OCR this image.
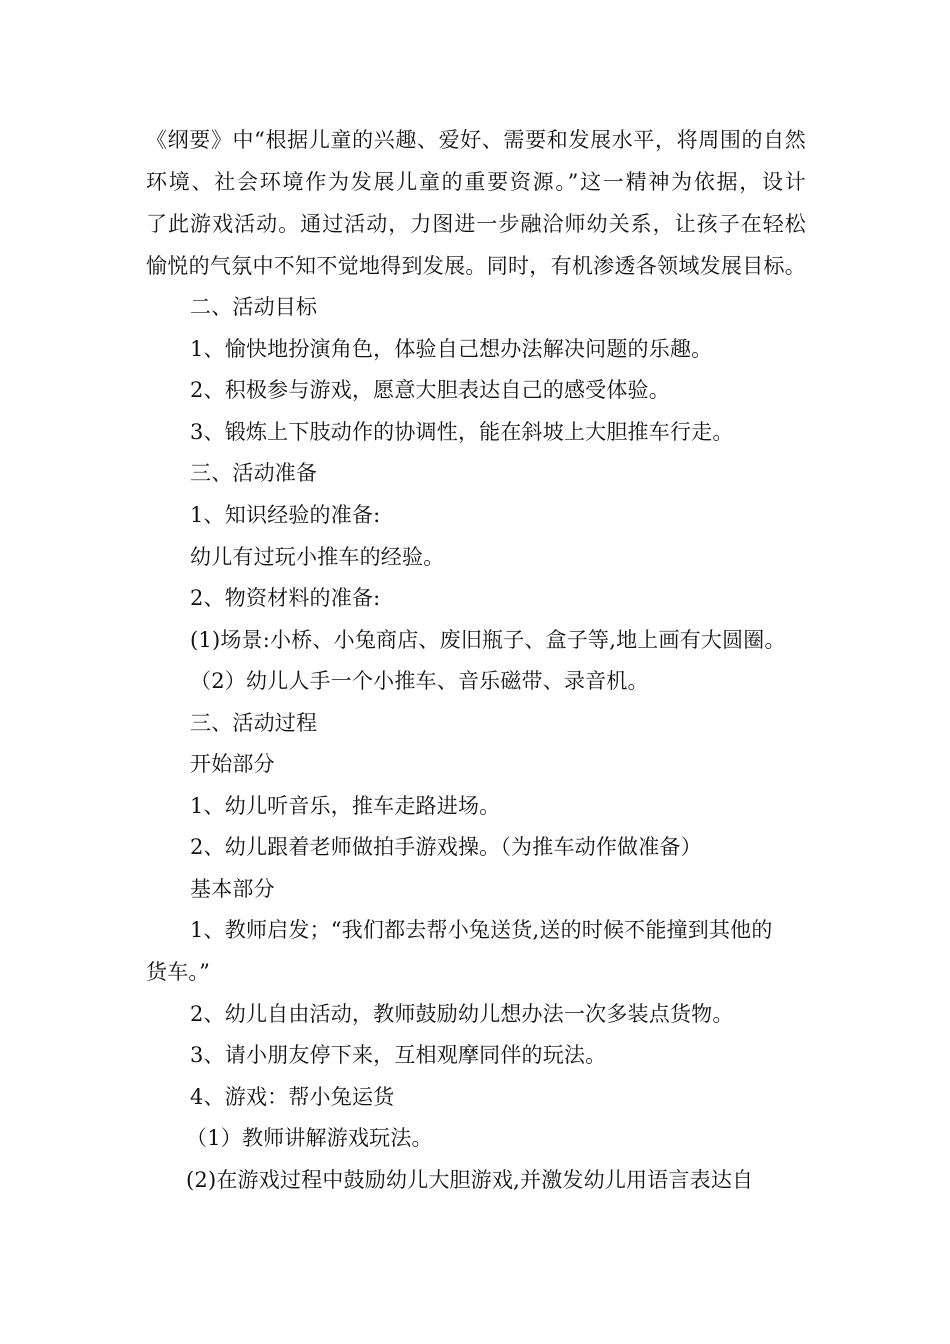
《纲要》中“根据儿童的兴趣、爱好、需要和发展水平，将周围的自然
环境、社会环境作为发展儿童的重要资源。”这一精神为依据，设计
了此游戏活动。通过活动，力图进一步融洽师幼关系，让孩子在轻松
愉悦的气氛中不知不觉地得到发展。同时，有机渗透各领域发展目标。
二、活动目标
1、愉快地扮演角色，体验自己想办法解决问题的乐趣。
2、积极参与游戏，愿意大胆表达自己的感受体验。
3、锻炼上下肢动作的协调性，能在斜坡上大胆推车行走。
三、活动准备
1、知识经验的准备:
幼儿有过玩小推车的经验。
2、物资材料的准备:
(1)场景:小桥、小兔商店、废旧瓶子、盒子等,地上画有大圆圈。
（2）幼儿人手一个小推车、音乐磁带、录音机。
三、活动过程
开始部分
1、幼儿听音乐，推车走路进场。
2、幼儿跟着老师做拍手游戏操。（为推车动作做准备）
基本部分
1、教师启发；“我们都去帮小兔送货,送的时候不能撞到其他的
货车。”
2、幼儿自由活动，教师鼓励幼儿想办法一次多装点货物。
3、请小朋友停下来，互相观摩同伴的玩法。
4、游戏：帮小兔运货
（1）教师讲解游戏玩法。
(2)在游戏过程中鼓励幼儿大胆游戏,并激发幼儿用语言表达自
